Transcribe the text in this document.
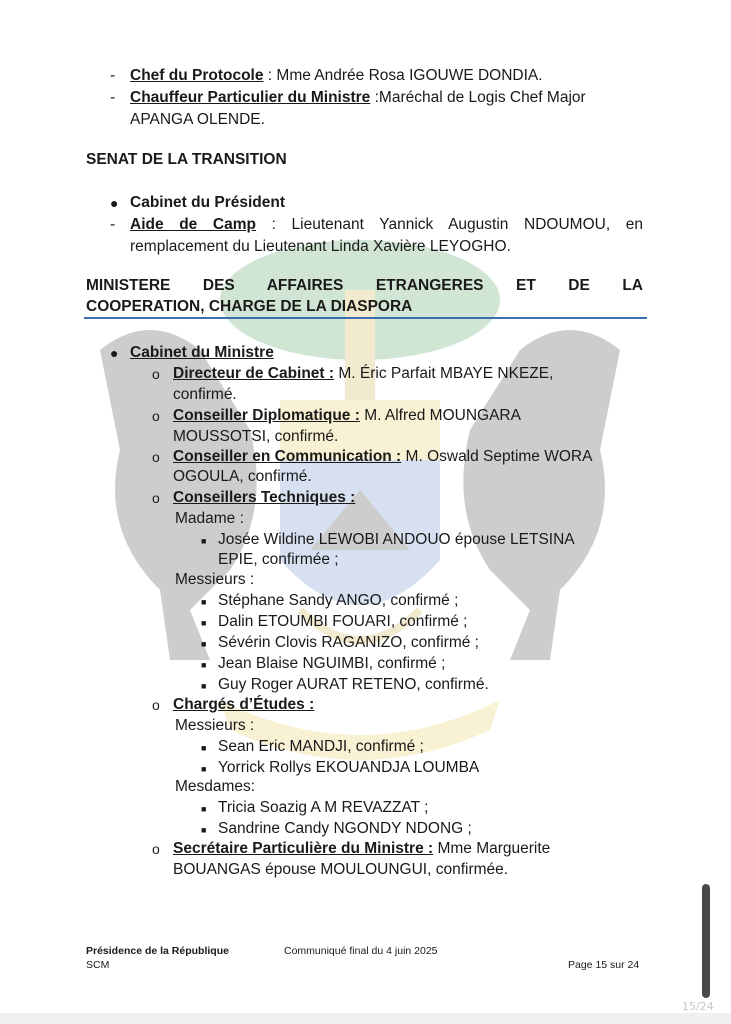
- Chef du Protocole : Mme Andrée Rosa IGOUWE DONDIA.
- Chauffeur Particulier du Ministre :Maréchal de Logis Chef Major
APANGA OLENDE.
SENAT DE LA TRANSITION
● Cabinet du Président
- Aide de Camp : Lieutenant Yannick Augustin NDOUMOU, en
remplacement du Lieutenant Linda Xavière LEYOGHO.
MINISTERE DES AFFAIRES ETRANGERES ET DE LA
COOPERATION, CHARGE DE LA DIASPORA
● Cabinet du Ministre
o Directeur de Cabinet : M. Éric Parfait MBAYE NKEZE,
confirmé.
o Conseiller Diplomatique : M. Alfred MOUNGARA
MOUSSOTSI, confirmé.
o Conseiller en Communication : M. Oswald Septime WORA
OGOULA, confirmé.
o Conseillers Techniques :
Madame :
■ Josée Wildine LEWOBI ANDOUO épouse LETSINA
EPIE, confirmée ;
Messieurs :
■ Stéphane Sandy ANGO, confirmé ;
■ Dalin ETOUMBI FOUARI, confirmé ;
■ Sévérin Clovis RAGANIZO, confirmé ;
■ Jean Blaise NGUIMBI, confirmé ;
■ Guy Roger AURAT RETENO, confirmé.
o Chargés d’Études :
Messieurs :
■ Sean Eric MANDJI, confirmé ;
■ Yorrick Rollys EKOUANDJA LOUMBA
Mesdames:
■ Tricia Soazig A M REVAZZAT ;
■ Sandrine Candy NGONDY NDONG ;
o Secrétaire Particulière du Ministre : Mme Marguerite
BOUANGAS épouse MOULOUNGUI, confirmée.
Présidence de la République
SCM
Communiqué final du 4 juin 2025
Page 15 sur 24
15/24
